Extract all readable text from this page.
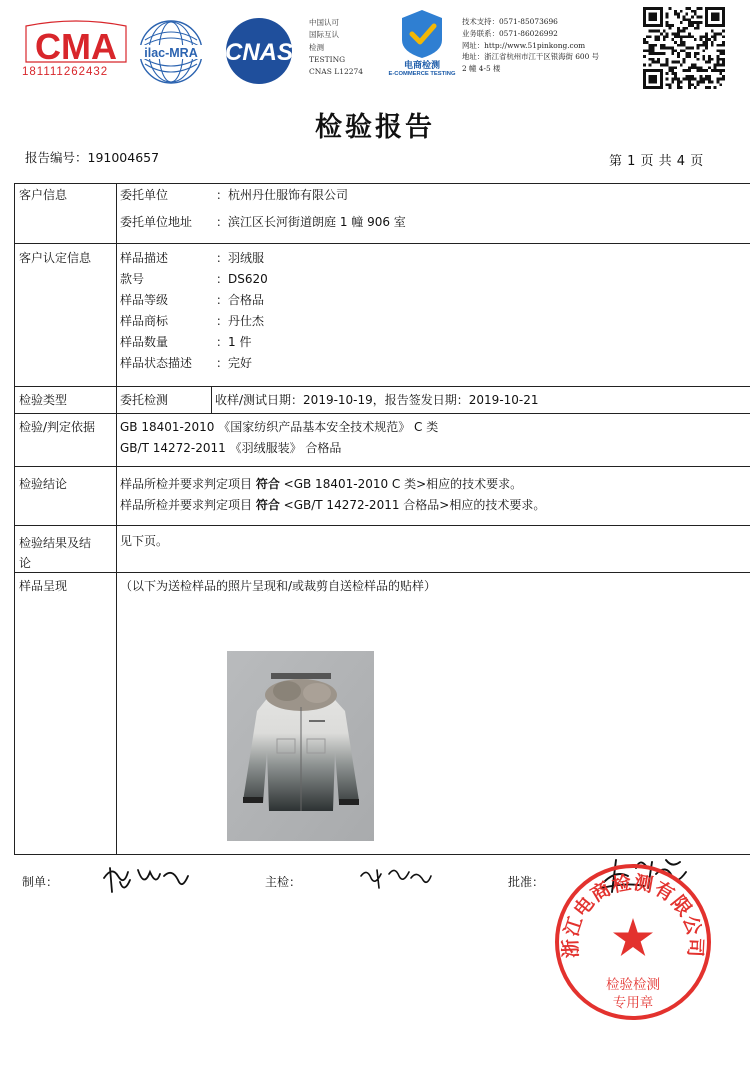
CMA
181111262432
ilac-MRA CNAS
中国认可
国际互认
检测
TESTING
CNAS L12274
电商检测
E-COMMERCE TESTING
技术支持：0571-85073696
业务联系：0571-86026992
网址：http://www.51pinkong.com
地址：浙江省杭州市江干区银海街 600 号
2 幢 4-5 楼
检验报告
报告编号：191004657	第 1 页 共 4 页
客户信息	委托单位	：杭州丹仕服饰有限公司
委托单位地址 ：滨江区长河街道朗庭 1 幢 906 室
客户认定信息 样品描述	：羽绒服
款号	：DS620
样品等级	：合格品
样品商标	：丹仕杰
样品数量	：1 件
样品状态描述 ：完好
检验类型	委托检测	收样/测试日期：2019-10-19，报告签发日期：2019-10-21
检验/判定依据 GB 18401-2010 《国家纺织产品基本安全技术规范》 C 类
GB/T 14272-2011 《羽绒服装》 合格品
检验结论	样品所检并要求判定项目 符合 <GB 18401-2010 C 类>相应的技术要求。
样品所检并要求判定项目 符合 <GB/T 14272-2011 合格品>相应的技术要求。
检验结果及结
论
见下页。
样品呈现	（以下为送检样品的照片呈现和/或裁剪自送检样品的贴样）
制单：	主检：	批准：
浙江电商检测有限公司
检验检测
专用章
